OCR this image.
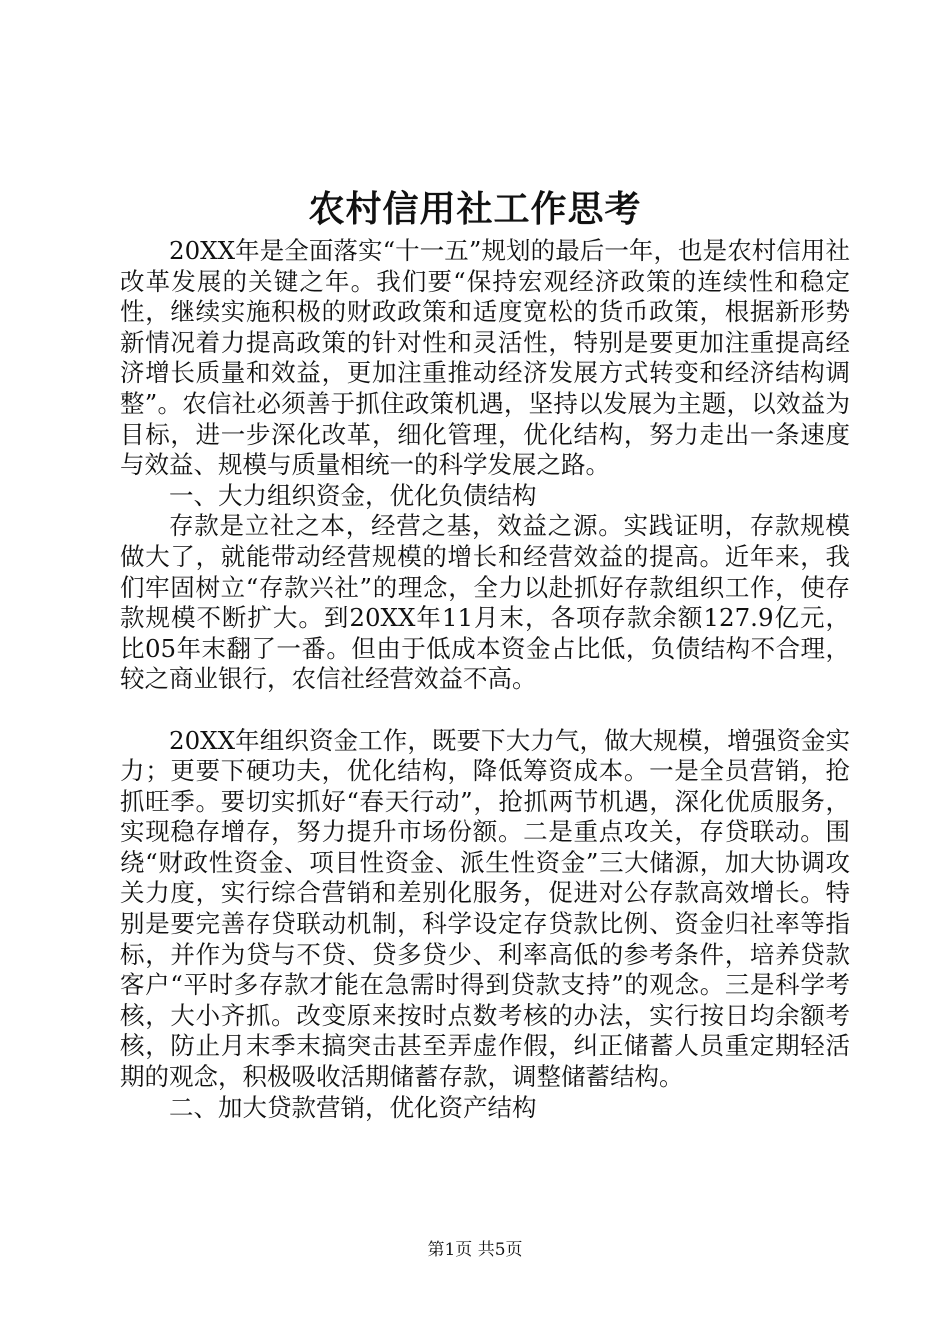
农村信用社工作思考

20XX年是全面落实“十一五”规划的最后一年，也是农村信用社改革发展的关键之年。我们要“保持宏观经济政策的连续性和稳定性，继续实施积极的财政政策和适度宽松的货币政策，根据新形势新情况着力提高政策的针对性和灵活性，特别是要更加注重提高经济增长质量和效益，更加注重推动经济发展方式转变和经济结构调整”。农信社必须善于抓住政策机遇，坚持以发展为主题，以效益为目标，进一步深化改革，细化管理，优化结构，努力走出一条速度与效益、规模与质量相统一的科学发展之路。

一、大力组织资金，优化负债结构

存款是立社之本，经营之基，效益之源。实践证明，存款规模做大了，就能带动经营规模的增长和经营效益的提高。近年来，我们牢固树立“存款兴社”的理念，全力以赴抓好存款组织工作，使存款规模不断扩大。到20XX年11月末，各项存款余额127.9亿元，比05年末翻了一番。但由于低成本资金占比低，负债结构不合理，较之商业银行，农信社经营效益不高。

20XX年组织资金工作，既要下大力气，做大规模，增强资金实力；更要下硬功夫，优化结构，降低筹资成本。一是全员营销，抢抓旺季。要切实抓好“春天行动”，抢抓两节机遇，深化优质服务，实现稳存增存，努力提升市场份额。二是重点攻关，存贷联动。围绕“财政性资金、项目性资金、派生性资金”三大储源，加大协调攻关力度，实行综合营销和差别化服务，促进对公存款高效增长。特别是要完善存贷联动机制，科学设定存贷款比例、资金归社率等指标，并作为贷与不贷、贷多贷少、利率高低的参考条件，培养贷款客户“平时多存款才能在急需时得到贷款支持”的观念。三是科学考核，大小齐抓。改变原来按时点数考核的办法，实行按日均余额考核，防止月末季末搞突击甚至弄虚作假，纠正储蓄人员重定期轻活期的观念，积极吸收活期储蓄存款，调整储蓄结构。

二、加大贷款营销，优化资产结构

第1页 共5页
